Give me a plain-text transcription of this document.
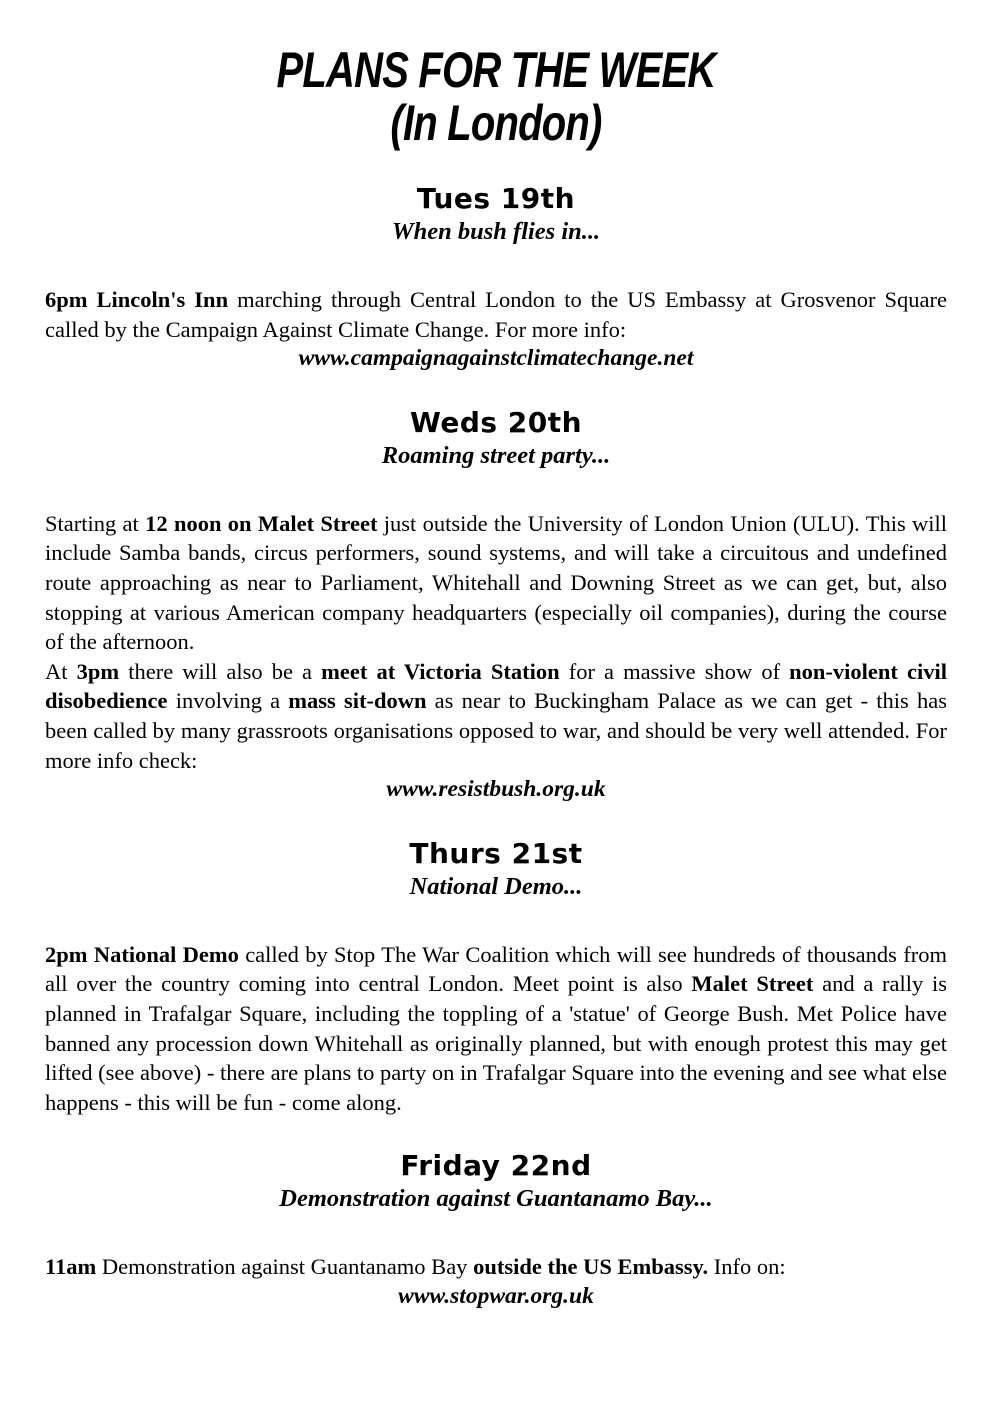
PLANS FOR THE WEEK
(In London)
Tues 19th
When bush flies in...

6pm Lincoln's Inn marching through Central London to the US Embassy at Grosvenor Square called by the Campaign Against Climate Change. For more info:

www.campaignagainstclimatechange.net
Weds 20th
Roaming street party...

Starting at 12 noon on Malet Street just outside the University of London Union (ULU). This will include Samba bands, circus performers, sound systems, and will take a circuitous and undefined route approaching as near to Parliament, Whitehall and Downing Street as we can get, but, also stopping at various American company headquarters (especially oil companies), during the course of the afternoon.

At 3pm there will also be a meet at Victoria Station for a massive show of non-violent civil disobedience involving a mass sit-down as near to Buckingham Palace as we can get - this has been called by many grassroots organisations opposed to war, and should be very well attended. For more info check:

www.resistbush.org.uk
Thurs 21st
National Demo...

2pm National Demo called by Stop The War Coalition which will see hundreds of thousands from all over the country coming into central London. Meet point is also Malet Street and a rally is planned in Trafalgar Square, including the toppling of a 'statue' of George Bush. Met Police have banned any procession down Whitehall as originally planned, but with enough protest this may get lifted (see above) - there are plans to party on in Trafalgar Square into the evening and see what else happens - this will be fun - come along.

Friday 22nd
Demonstration against Guantanamo Bay...

11am Demonstration against Guantanamo Bay outside the US Embassy. Info on:

www.stopwar.org.uk
